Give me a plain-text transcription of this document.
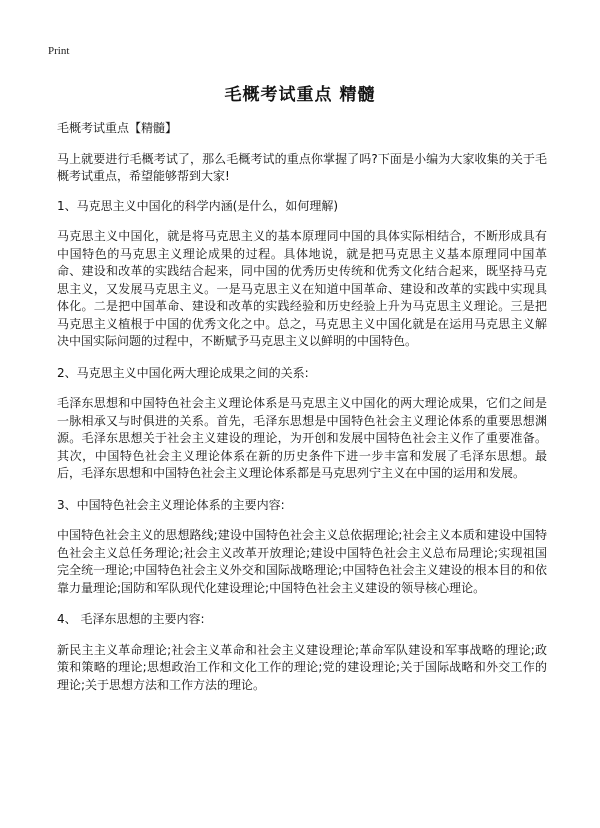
Print
毛概考试重点 精髓

毛概考试重点【精髓】

马上就要进行毛概考试了，那么毛概考试的重点你掌握了吗?下面是小编为大家收集的关于毛概考试重点，希望能够帮到大家!

1、马克思主义中国化的科学内涵(是什么，如何理解)

马克思主义中国化，就是将马克思主义的基本原理同中国的具体实际相结合，不断形成具有中国特色的马克思主义理论成果的过程。具体地说，就是把马克思主义基本原理同中国革命、建设和改革的实践结合起来，同中国的优秀历史传统和优秀文化结合起来，既坚持马克思主义，又发展马克思主义。一是马克思主义在知道中国革命、建设和改革的实践中实现具体化。二是把中国革命、建设和改革的实践经验和历史经验上升为马克思主义理论。三是把马克思主义植根于中国的优秀文化之中。总之，马克思主义中国化就是在运用马克思主义解决中国实际问题的过程中，不断赋予马克思主义以鲜明的中国特色。

2、马克思主义中国化两大理论成果之间的关系:

毛泽东思想和中国特色社会主义理论体系是马克思主义中国化的两大理论成果，它们之间是一脉相承又与时俱进的关系。首先，毛泽东思想是中国特色社会主义理论体系的重要思想渊源。毛泽东思想关于社会主义建设的理论，为开创和发展中国特色社会主义作了重要准备。其次，中国特色社会主义理论体系在新的历史条件下进一步丰富和发展了毛泽东思想。最后，毛泽东思想和中国特色社会主义理论体系都是马克思列宁主义在中国的运用和发展。

3、中国特色社会主义理论体系的主要内容:

中国特色社会主义的思想路线;建设中国特色社会主义总依据理论;社会主义本质和建设中国特色社会主义总任务理论;社会主义改革开放理论;建设中国特色社会主义总布局理论;实现祖国完全统一理论;中国特色社会主义外交和国际战略理论;中国特色社会主义建设的根本目的和依靠力量理论;国防和军队现代化建设理论;中国特色社会主义建设的领导核心理论。

4、 毛泽东思想的主要内容:

新民主主义革命理论;社会主义革命和社会主义建设理论;革命军队建设和军事战略的理论;政策和策略的理论;思想政治工作和文化工作的理论;党的建设理论;关于国际战略和外交工作的理论;关于思想方法和工作方法的理论。
